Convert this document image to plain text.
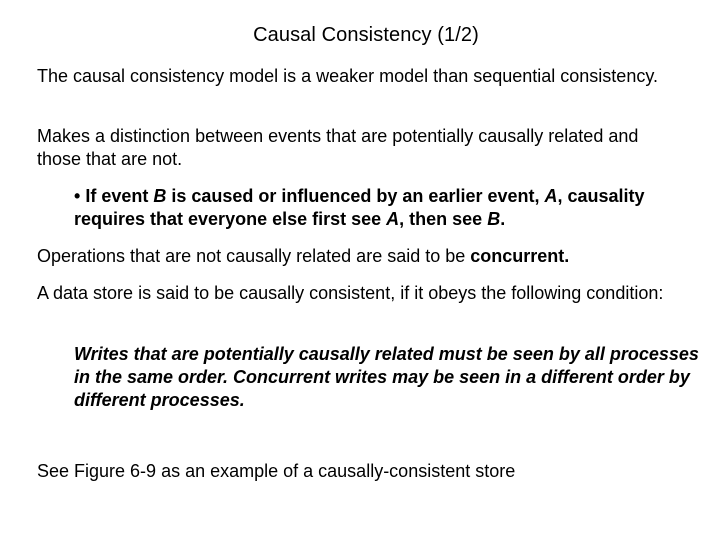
Causal Consistency (1/2)
The causal consistency model is a weaker model than sequential consistency.
Makes a distinction between events that are potentially causally related and those that are not.
• If event B is caused or influenced by an earlier event, A, causality requires that everyone else first see A, then see B.
Operations that are not causally related are said to be concurrent.
A data store is said to be causally consistent, if it obeys the following condition:
Writes that are potentially causally related must be seen by all processes in the same order. Concurrent writes may be seen in a different order by different processes.
See Figure 6-9 as an example of a causally-consistent store
